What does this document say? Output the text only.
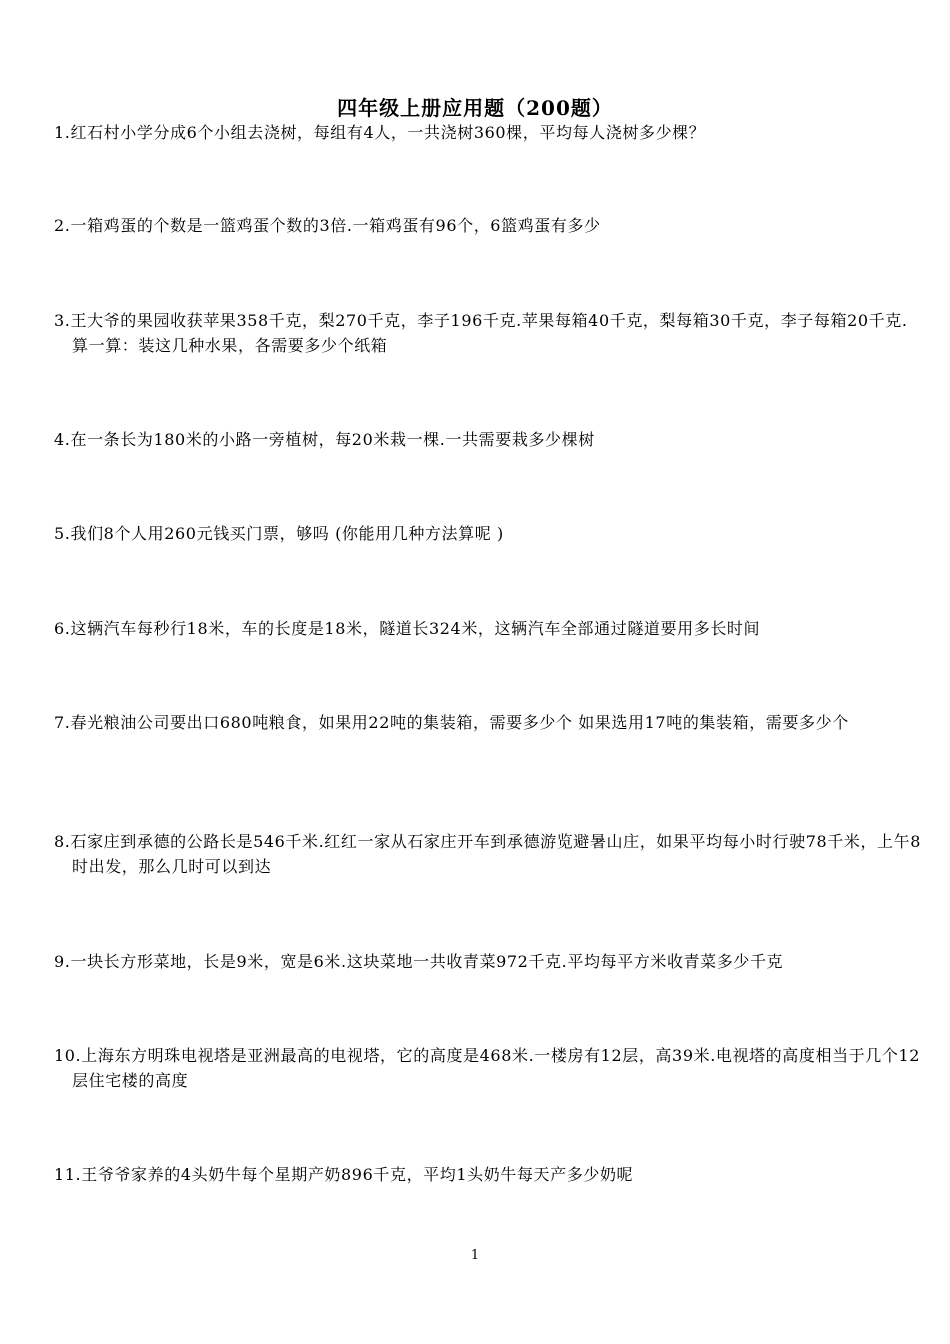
四年级上册应用题（200题）
1.红石村小学分成6个小组去浇树，每组有4人，一共浇树360棵，平均每人浇树多少棵？
2.一箱鸡蛋的个数是一篮鸡蛋个数的3倍.一箱鸡蛋有96个，6篮鸡蛋有多少
3.王大爷的果园收获苹果358千克，梨270千克，李子196千克.苹果每箱40千克，梨每箱30千克，李子每箱20千克.算一算：装这几种水果，各需要多少个纸箱
4.在一条长为180米的小路一旁植树，每20米栽一棵.一共需要栽多少棵树
5.我们8个人用260元钱买门票，够吗 (你能用几种方法算呢 )
6.这辆汽车每秒行18米，车的长度是18米，隧道长324米，这辆汽车全部通过隧道要用多长时间
7.春光粮油公司要出口680吨粮食，如果用22吨的集装箱，需要多少个 如果选用17吨的集装箱，需要多少个
8.石家庄到承德的公路长是546千米.红红一家从石家庄开车到承德游览避暑山庄，如果平均每小时行驶78千米，上午8时出发，那么几时可以到达
9.一块长方形菜地，长是9米，宽是6米.这块菜地一共收青菜972千克.平均每平方米收青菜多少千克
10.上海东方明珠电视塔是亚洲最高的电视塔，它的高度是468米.一楼房有12层，高39米.电视塔的高度相当于几个12层住宅楼的高度
11.王爷爷家养的4头奶牛每个星期产奶896千克，平均1头奶牛每天产多少奶呢
1
